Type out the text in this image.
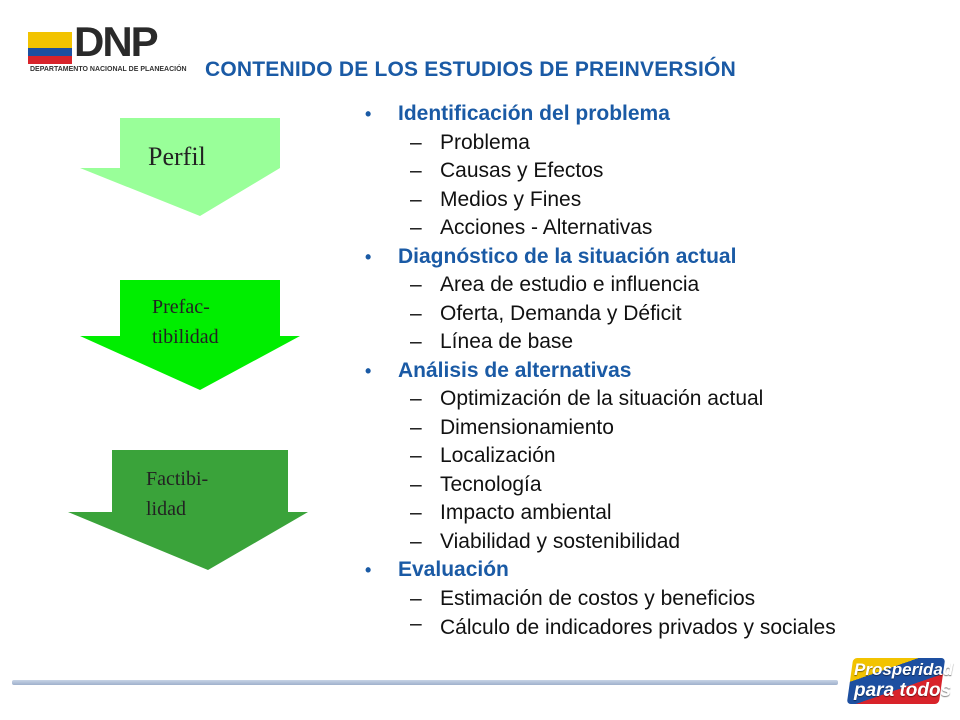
DNP
DEPARTAMENTO NACIONAL DE PLANEACIÓN CONTENIDO DE LOS ESTUDIOS DE PREINVERSIÓN
Perfil
Prefac-
tibilidad
Factibi-
lidad
• Identificación del problema
– Problema
– Causas y Efectos
– Medios y Fines
– Acciones - Alternativas
• Diagnóstico de la situación actual
– Area de estudio e influencia
– Oferta, Demanda y Déficit
– Línea de base
• Análisis de alternativas
– Optimización de la situación actual
– Dimensionamiento
– Localización
– Tecnología
– Impacto ambiental
– Viabilidad y sostenibilidad
• Evaluación
– Estimación de costos y beneficios
– Cálculo de indicadores privados y sociales
Prosperidad
para todos
